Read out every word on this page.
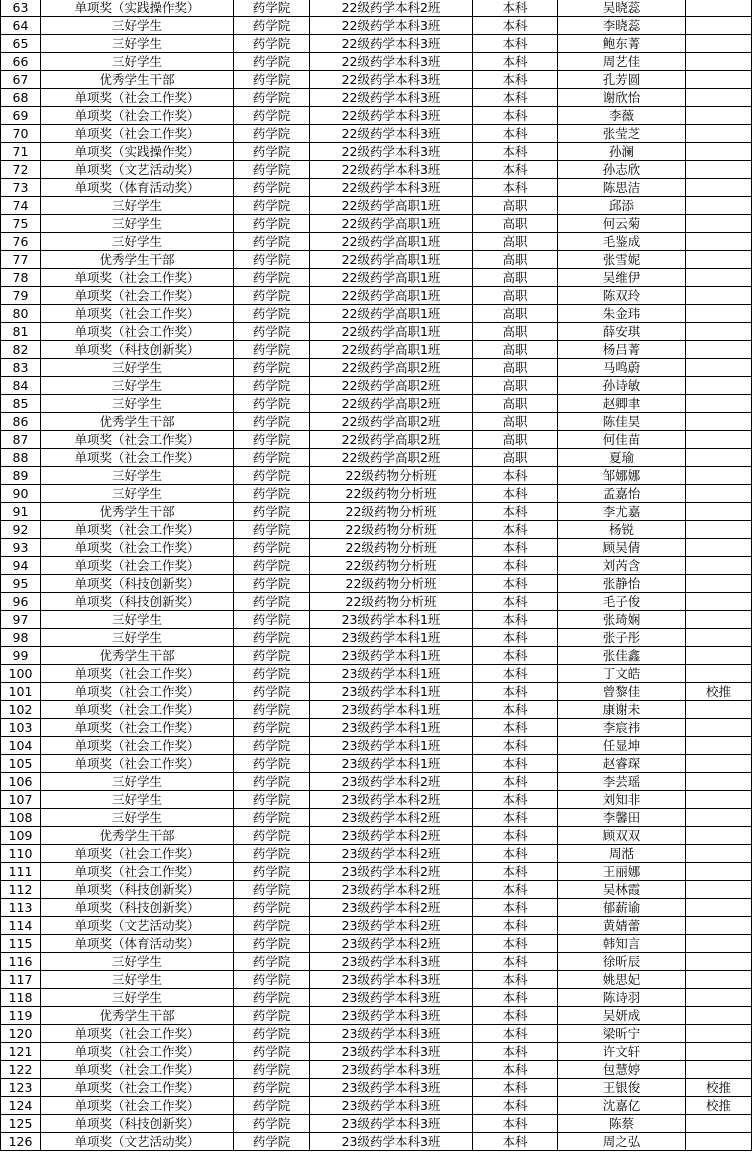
63	单项奖（实践操作奖）	药学院	22级药学本科2班	本科	吴晓蕊	
64	三好学生	药学院	22级药学本科3班	本科	李晓蕊	
65	三好学生	药学院	22级药学本科3班	本科	鲍东菁	
66	三好学生	药学院	22级药学本科3班	本科	周艺佳	
67	优秀学生干部	药学院	22级药学本科3班	本科	孔芳圆	
68	单项奖（社会工作奖）	药学院	22级药学本科3班	本科	谢欣怡	
69	单项奖（社会工作奖）	药学院	22级药学本科3班	本科	李薇	
70	单项奖（社会工作奖）	药学院	22级药学本科3班	本科	张莹芝	
71	单项奖（实践操作奖）	药学院	22级药学本科3班	本科	孙澜	
72	单项奖（文艺活动奖）	药学院	22级药学本科3班	本科	孙志欣	
73	单项奖（体育活动奖）	药学院	22级药学本科3班	本科	陈思洁	
74	三好学生	药学院	22级药学高职1班	高职	邱添	
75	三好学生	药学院	22级药学高职1班	高职	何云菊	
76	三好学生	药学院	22级药学高职1班	高职	毛鉴成	
77	优秀学生干部	药学院	22级药学高职1班	高职	张雪妮	
78	单项奖（社会工作奖）	药学院	22级药学高职1班	高职	吴维伊	
79	单项奖（社会工作奖）	药学院	22级药学高职1班	高职	陈双玲	
80	单项奖（社会工作奖）	药学院	22级药学高职1班	高职	朱金玮	
81	单项奖（社会工作奖）	药学院	22级药学高职1班	高职	薛安琪	
82	单项奖（科技创新奖）	药学院	22级药学高职1班	高职	杨吕菁	
83	三好学生	药学院	22级药学高职2班	高职	马鸣蔚	
84	三好学生	药学院	22级药学高职2班	高职	孙诗敏	
85	三好学生	药学院	22级药学高职2班	高职	赵卿聿	
86	优秀学生干部	药学院	22级药学高职2班	高职	陈佳昊	
87	单项奖（社会工作奖）	药学院	22级药学高职2班	高职	何佳苗	
88	单项奖（社会工作奖）	药学院	22级药学高职2班	高职	夏瑜	
89	三好学生	药学院	22级药物分析班	本科	邹娜娜	
90	三好学生	药学院	22级药物分析班	本科	孟嘉怡	
91	优秀学生干部	药学院	22级药物分析班	本科	李尤嘉	
92	单项奖（社会工作奖）	药学院	22级药物分析班	本科	杨锐	
93	单项奖（社会工作奖）	药学院	22级药物分析班	本科	顾吴倩	
94	单项奖（社会工作奖）	药学院	22级药物分析班	本科	刘芮含	
95	单项奖（科技创新奖）	药学院	22级药物分析班	本科	张静怡	
96	单项奖（科技创新奖）	药学院	22级药物分析班	本科	毛子俊	
97	三好学生	药学院	23级药学本科1班	本科	张琦娴	
98	三好学生	药学院	23级药学本科1班	本科	张子彤	
99	优秀学生干部	药学院	23级药学本科1班	本科	张佳鑫	
100	单项奖（社会工作奖）	药学院	23级药学本科1班	本科	丁文皓	
101	单项奖（社会工作奖）	药学院	23级药学本科1班	本科	曾黎佳	校推
102	单项奖（社会工作奖）	药学院	23级药学本科1班	本科	康谢未	
103	单项奖（社会工作奖）	药学院	23级药学本科1班	本科	李宸祎	
104	单项奖（社会工作奖）	药学院	23级药学本科1班	本科	任显坤	
105	单项奖（社会工作奖）	药学院	23级药学本科1班	本科	赵睿琛	
106	三好学生	药学院	23级药学本科2班	本科	李芸瑶	
107	三好学生	药学院	23级药学本科2班	本科	刘知非	
108	三好学生	药学院	23级药学本科2班	本科	李馨田	
109	优秀学生干部	药学院	23级药学本科2班	本科	顾双双	
110	单项奖（社会工作奖）	药学院	23级药学本科2班	本科	周湉	
111	单项奖（社会工作奖）	药学院	23级药学本科2班	本科	王丽娜	
112	单项奖（科技创新奖）	药学院	23级药学本科2班	本科	吴林霞	
113	单项奖（科技创新奖）	药学院	23级药学本科2班	本科	郁薪谕	
114	单项奖（文艺活动奖）	药学院	23级药学本科2班	本科	黄婧蕾	
115	单项奖（体育活动奖）	药学院	23级药学本科2班	本科	韩知言	
116	三好学生	药学院	23级药学本科3班	本科	徐昕辰	
117	三好学生	药学院	23级药学本科3班	本科	姚思妃	
118	三好学生	药学院	23级药学本科3班	本科	陈诗羽	
119	优秀学生干部	药学院	23级药学本科3班	本科	吴妍成	
120	单项奖（社会工作奖）	药学院	23级药学本科3班	本科	梁昕宁	
121	单项奖（社会工作奖）	药学院	23级药学本科3班	本科	许文轩	
122	单项奖（社会工作奖）	药学院	23级药学本科3班	本科	包慧婷	
123	单项奖（社会工作奖）	药学院	23级药学本科3班	本科	王银俊	校推
124	单项奖（社会工作奖）	药学院	23级药学本科3班	本科	沈嘉亿	校推
125	单项奖（科技创新奖）	药学院	23级药学本科3班	本科	陈蔡	
126	单项奖（文艺活动奖）	药学院	23级药学本科3班	本科	周之弘	
